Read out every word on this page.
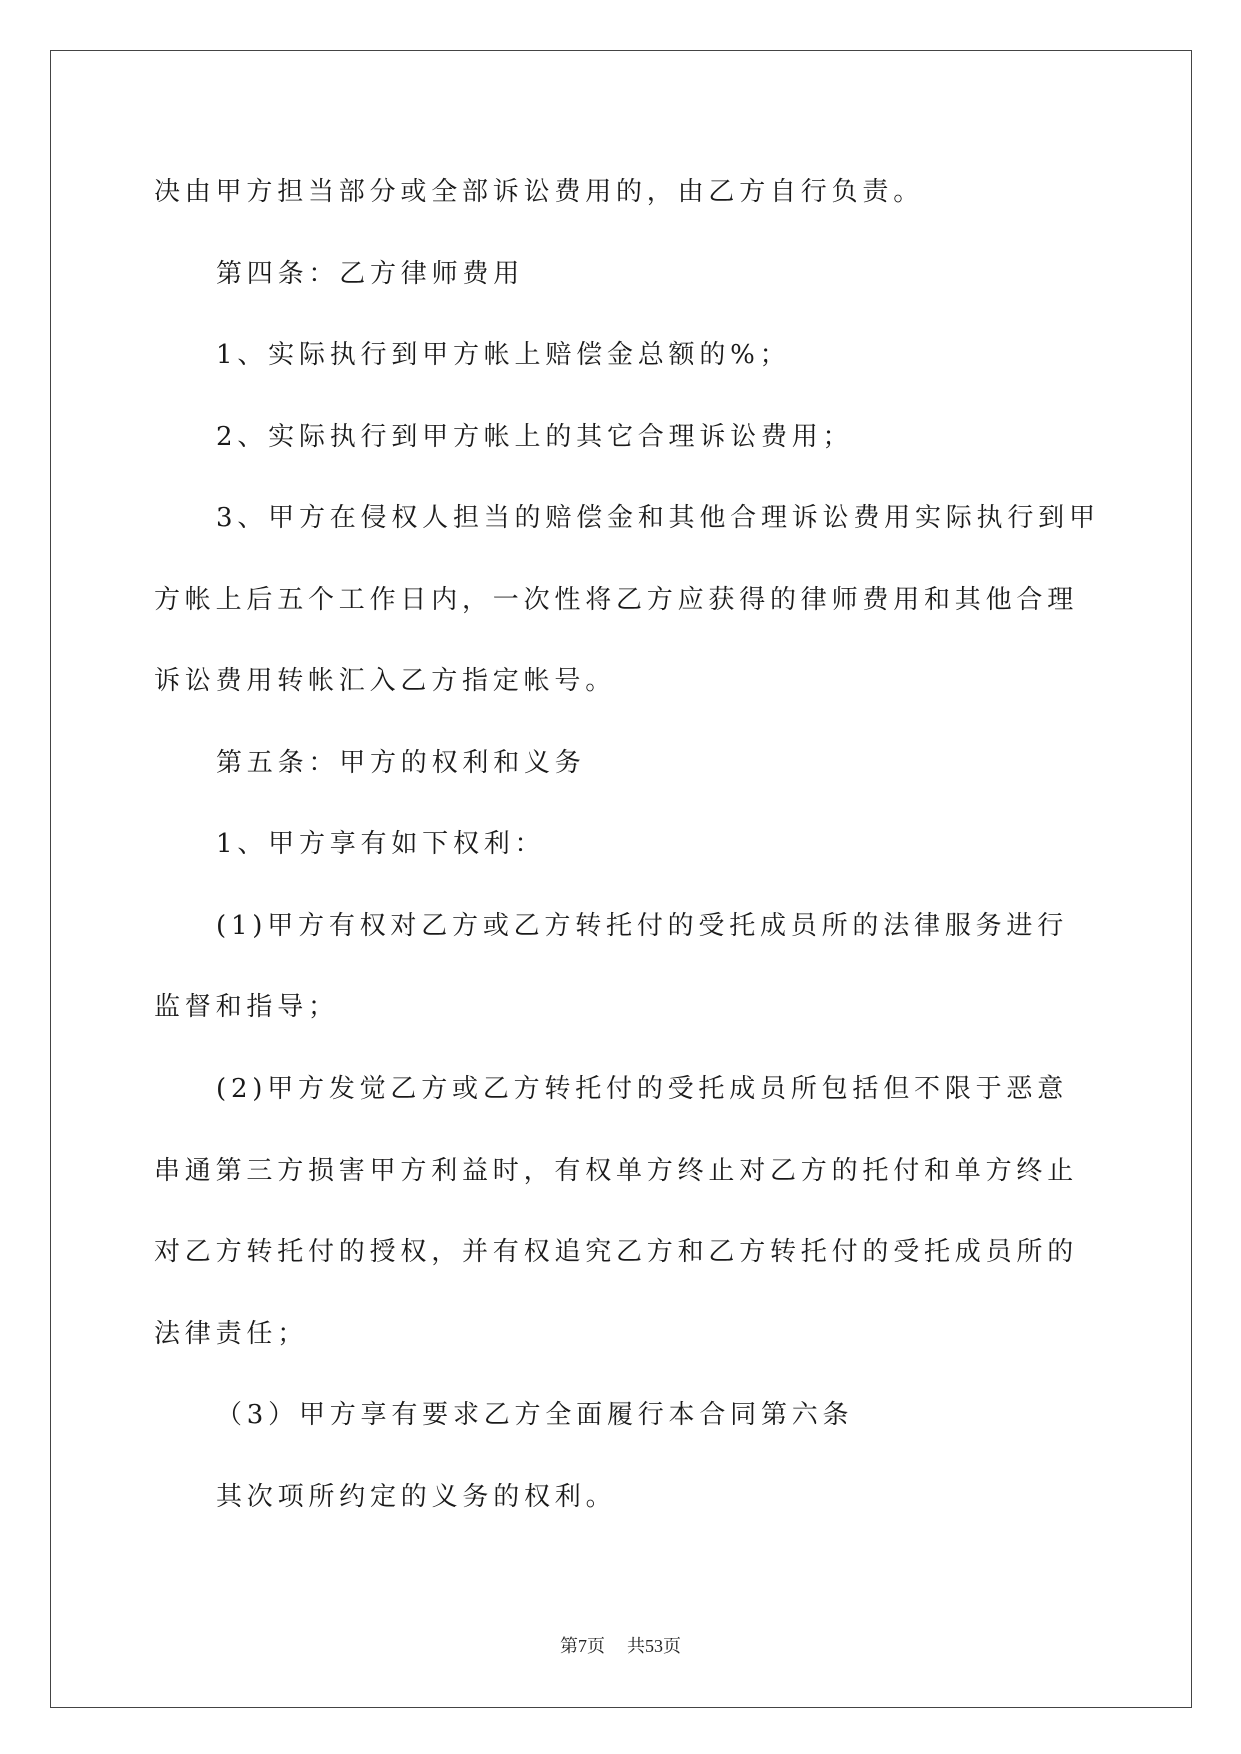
决由甲方担当部分或全部诉讼费用的，由乙方自行负责。
第四条：乙方律师费用
1、实际执行到甲方帐上赔偿金总额的%；
2、实际执行到甲方帐上的其它合理诉讼费用；
3、甲方在侵权人担当的赔偿金和其他合理诉讼费用实际执行到甲
方帐上后五个工作日内，一次性将乙方应获得的律师费用和其他合理
诉讼费用转帐汇入乙方指定帐号。
第五条：甲方的权利和义务
1、甲方享有如下权利：
(1)甲方有权对乙方或乙方转托付的受托成员所的法律服务进行
监督和指导；
(2)甲方发觉乙方或乙方转托付的受托成员所包括但不限于恶意
串通第三方损害甲方利益时，有权单方终止对乙方的托付和单方终止
对乙方转托付的授权，并有权追究乙方和乙方转托付的受托成员所的
法律责任；
（3）甲方享有要求乙方全面履行本合同第六条
其次项所约定的义务的权利。
第7页 共53页
